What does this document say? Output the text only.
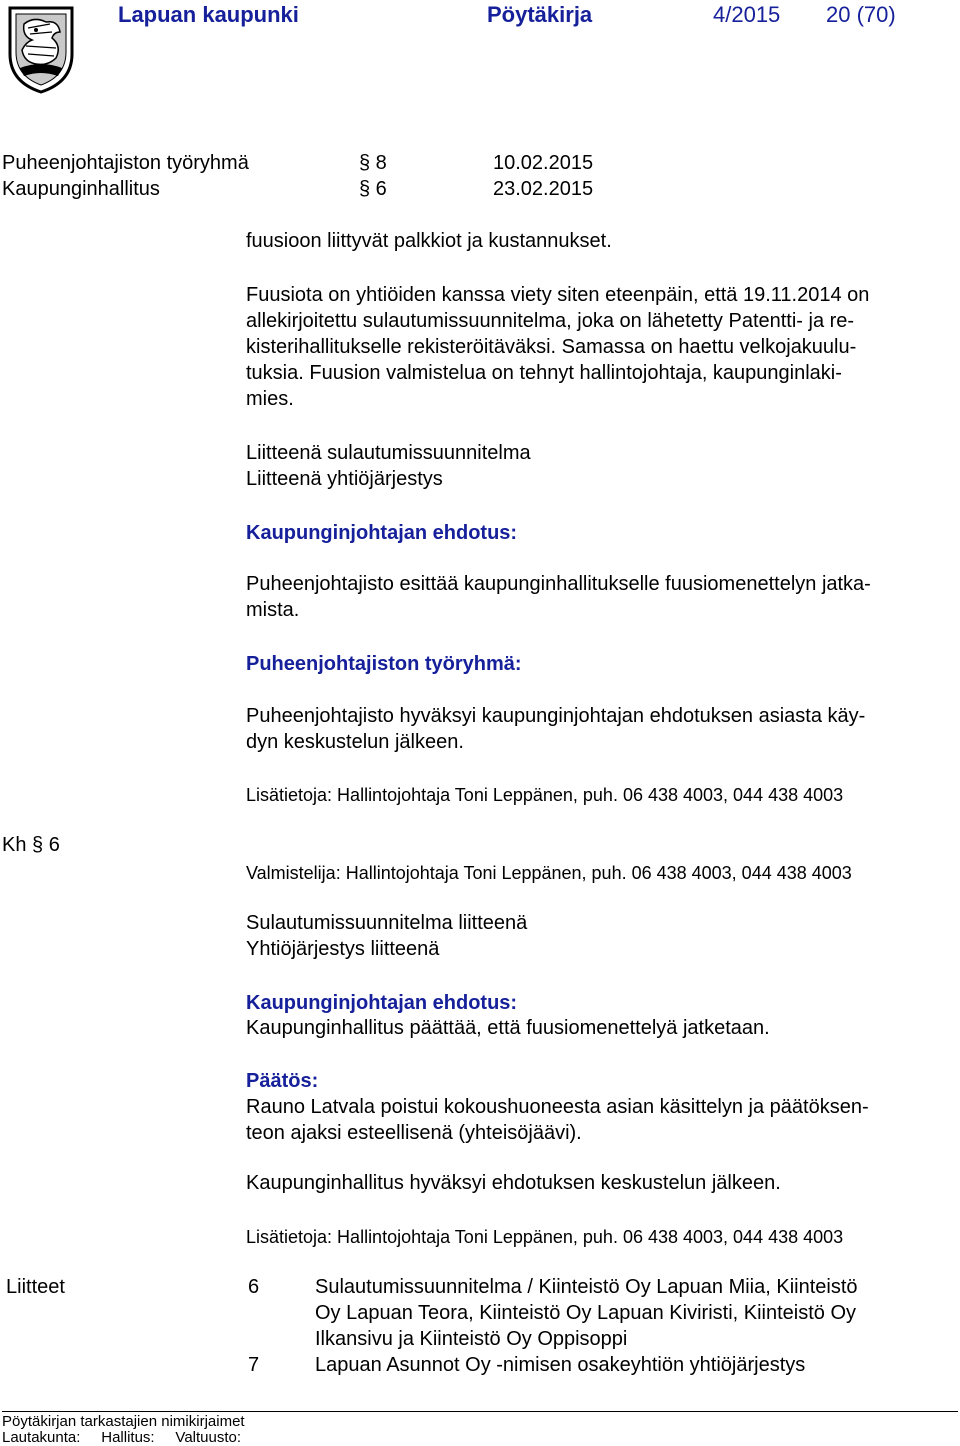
Lapuan kaupunki	Pöytäkirja	4/2015 20 (70)
Puheenjohtajiston työryhmä	§ 8	10.02.2015
Kaupunginhallitus	§ 6	23.02.2015

fuusioon liittyvät palkkiot ja kustannukset.

Fuusiota on yhtiöiden kanssa viety siten eteenpäin, että 19.11.2014 on

allekirjoitettu sulautumissuunnitelma, joka on lähetetty Patentti- ja re-

kisterihallitukselle rekisteröitäväksi. Samassa on haettu velkojakuulu-

tuksia. Fuusion valmistelua on tehnyt hallintojohtaja, kaupunginlaki-

mies.

Liitteenä sulautumissuunnitelma

Liitteenä yhtiöjärjestys

Kaupunginjohtajan ehdotus:

Puheenjohtajisto esittää kaupunginhallitukselle fuusiomenettelyn jatka-

mista.

Puheenjohtajiston työryhmä:

Puheenjohtajisto hyväksyi kaupunginjohtajan ehdotuksen asiasta käy-

dyn keskustelun jälkeen.

Lisätietoja: Hallintojohtaja Toni Leppänen, puh. 06 438 4003, 044 438 4003
Kh § 6
Valmistelija: Hallintojohtaja Toni Leppänen, puh. 06 438 4003, 044 438 4003

Sulautumissuunnitelma liitteenä

Yhtiöjärjestys liitteenä

Kaupunginjohtajan ehdotus:
Kaupunginhallitus päättää, että fuusiomenettelyä jatketaan.
Päätös:

Rauno Latvala poistui kokoushuoneesta asian käsittelyn ja päätöksen-

teon ajaksi esteellisenä (yhteisöjäävi).

Kaupunginhallitus hyväksyi ehdotuksen keskustelun jälkeen.
Lisätietoja: Hallintojohtaja Toni Leppänen, puh. 06 438 4003, 044 438 4003
Liitteet	6	Sulautumissuunnitelma / Kiinteistö Oy Lapuan Miia, Kiinteistö
Oy Lapuan Teora, Kiinteistö Oy Lapuan Kiviristi, Kiinteistö Oy
Ilkansivu ja Kiinteistö Oy Oppisoppi
7	Lapuan Asunnot Oy -nimisen osakeyhtiön yhtiöjärjestys
Pöytäkirjan tarkastajien nimikirjaimet
Lautakunta:     Hallitus:     Valtuusto:
